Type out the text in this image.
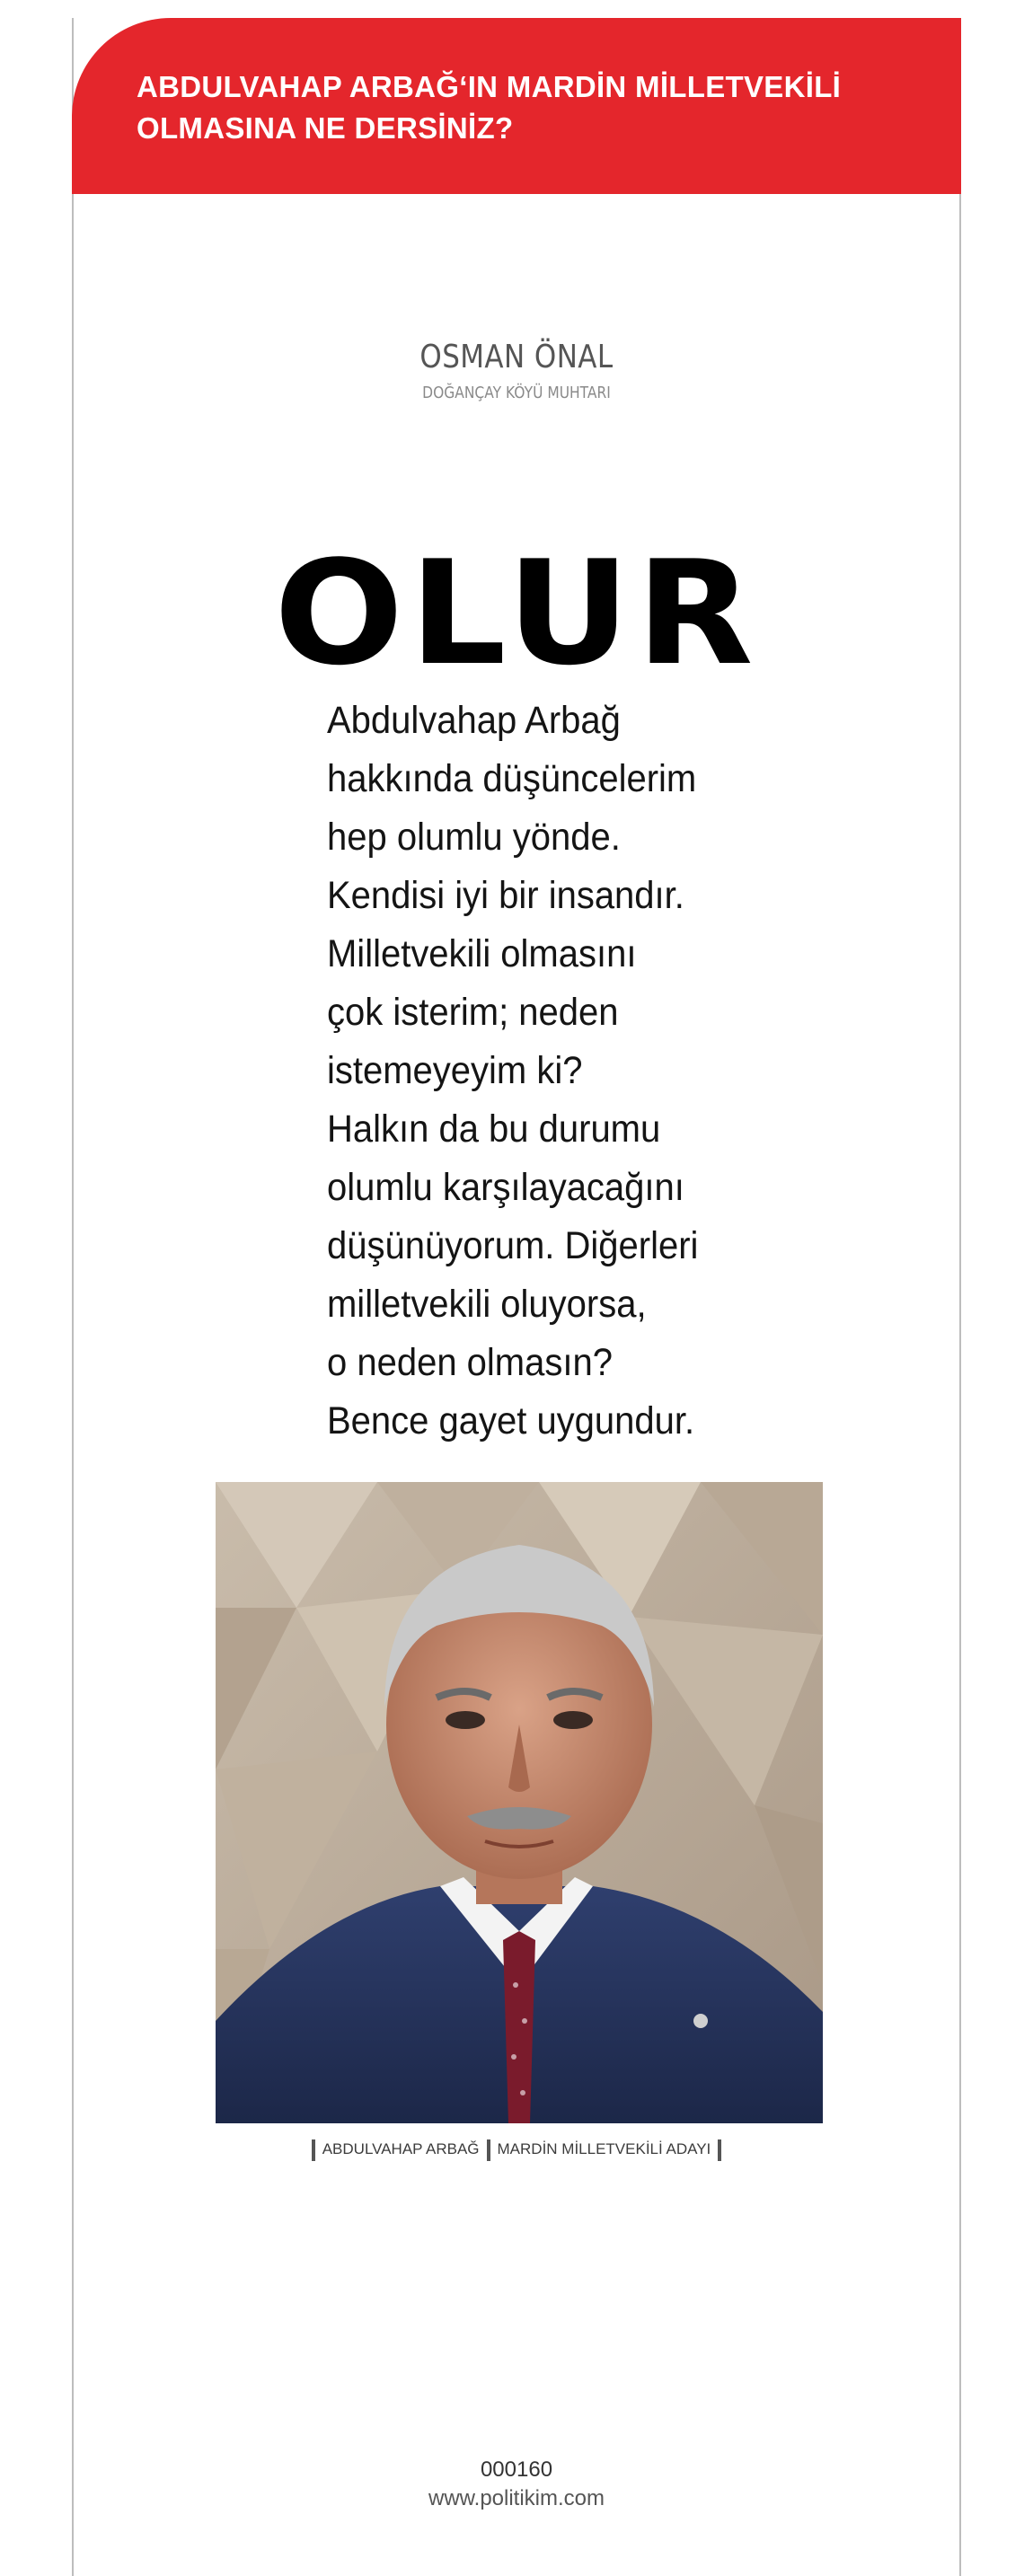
ABDULVAHAP ARBAĞ‘IN MARDİN MİLLETVEKİLİ OLMASINA NE DERSİNİZ?
OSMAN ÖNAL
DOĞANÇAY KÖYÜ MUHTARI
OLUR
Abdulvahap Arbağ
hakkında düşüncelerim
hep olumlu yönde.
Kendisi iyi bir insandır.
Milletvekili olmasını
çok isterim; neden
istemeyeyim ki?
Halkın da bu durumu
olumlu karşılayacağını
düşünüyorum. Diğerleri
milletvekili oluyorsa,
o neden olmasın?
Bence gayet uygundur.
ABDULVAHAP ARBAĞ MARDİN MİLLETVEKİLİ ADAYI
000160
www.politikim.com
